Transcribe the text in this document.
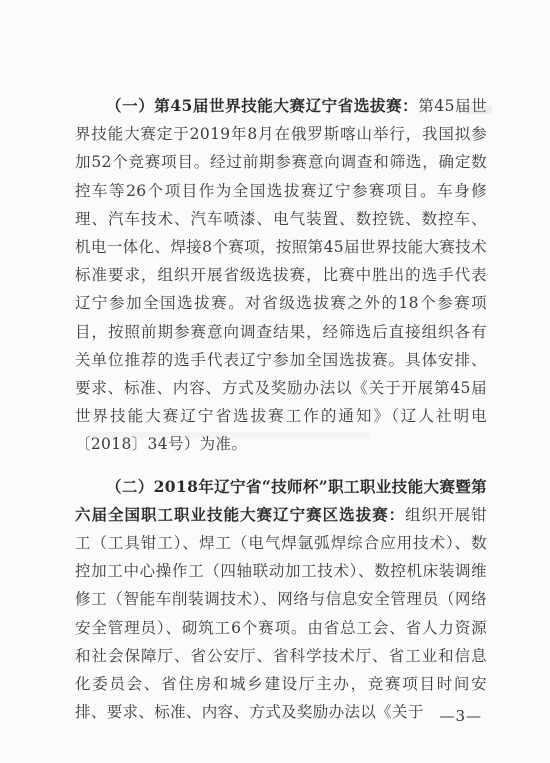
（一）第45届世界技能大赛辽宁省选拔赛：第45届世界技能大赛定于2019年8月在俄罗斯喀山举行，我国拟参加52个竞赛项目。经过前期参赛意向调查和筛选，确定数控车等26个项目作为全国选拔赛辽宁参赛项目。车身修理、汽车技术、汽车喷漆、电气装置、数控铣、数控车、机电一体化、焊接8个赛项，按照第45届世界技能大赛技术标准要求，组织开展省级选拔赛，比赛中胜出的选手代表辽宁参加全国选拔赛。对省级选拔赛之外的18个参赛项目，按照前期参赛意向调查结果，经筛选后直接组织各有关单位推荐的选手代表辽宁参加全国选拔赛。具体安排、要求、标准、内容、方式及奖励办法以《关于开展第45届世界技能大赛辽宁省选拔赛工作的通知》（辽人社明电〔2018〕34号）为准。

（二）2018年辽宁省“技师杯”职工职业技能大赛暨第六届全国职工职业技能大赛辽宁赛区选拔赛：组织开展钳工（工具钳工）、焊工（电气焊氩弧焊综合应用技术）、数控加工中心操作工（四轴联动加工技术）、数控机床装调维修工（智能车削装调技术）、网络与信息安全管理员（网络安全管理员）、砌筑工6个赛项。由省总工会、省人力资源和社会保障厅、省公安厅、省科学技术厅、省工业和信息化委员会、省住房和城乡建设厅主办，竞赛项目时间安排、要求、标准、内容、方式及奖励办法以《关于	—3—
